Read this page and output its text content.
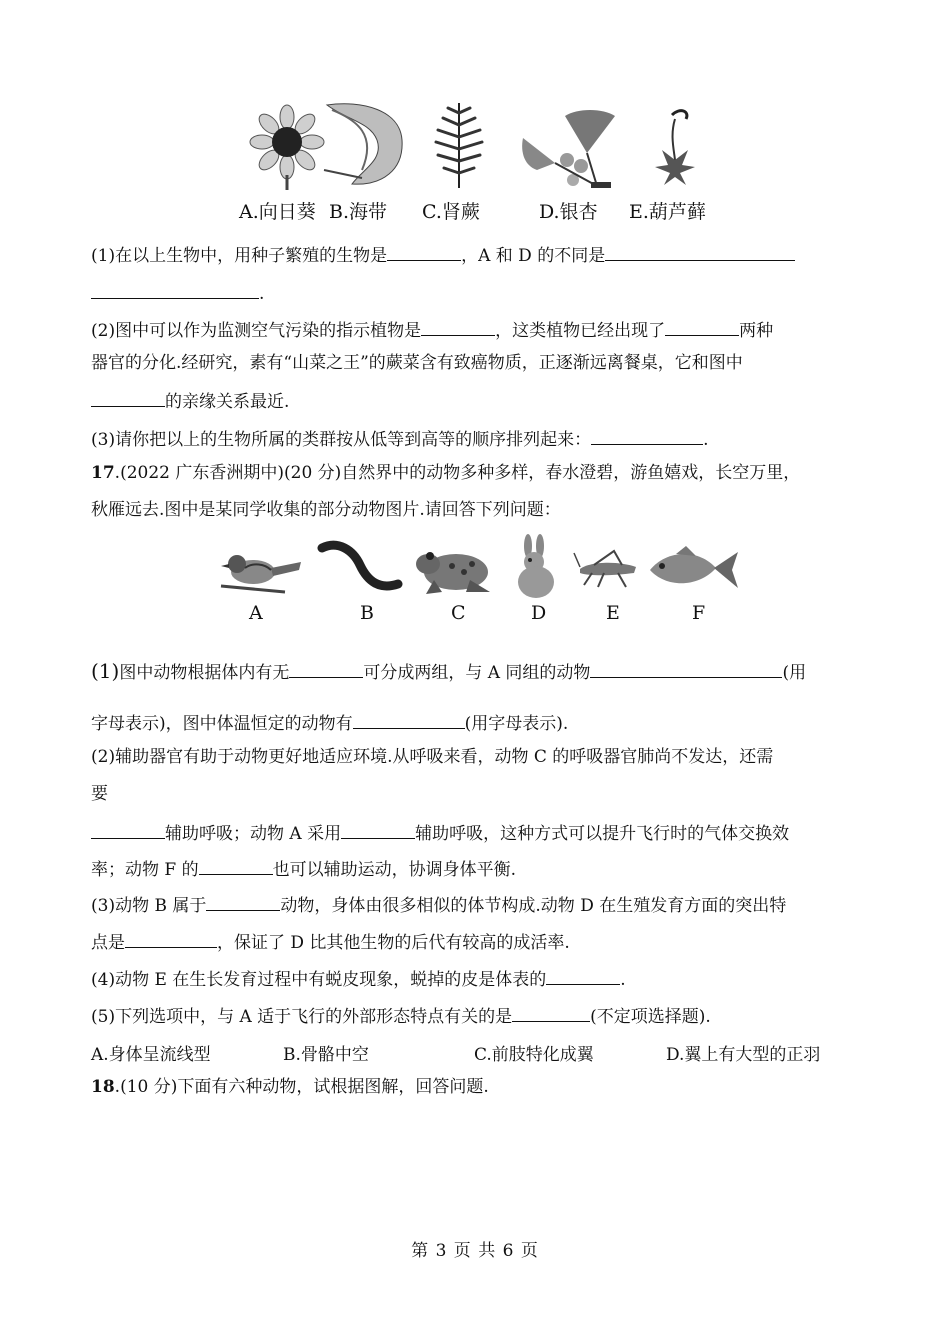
A.向日葵 B.海带 C.肾蕨	D.银杏 E.葫芦藓
(1)在以上生物中，用种子繁殖的生物是	，A 和 D 的不同是
.
(2)图中可以作为监测空气污染的指示植物是	，这类植物已经出现了	两种
器官的分化.经研究，素有“山菜之王”的蕨菜含有致癌物质，正逐渐远离餐桌，它和图中
的亲缘关系最近.
(3)请你把以上的生物所属的类群按从低等到高等的顺序排列起来：	.
17.(2022 广东香洲期中)(20 分)自然界中的动物多种多样，春水澄碧，游鱼嬉戏，长空万里，
秋雁远去.图中是某同学收集的部分动物图片.请回答下列问题：
A	B	C	D	E	F
(1)图中动物根据体内有无	可分成两组，与 A 同组的动物	(用
字母表示)，图中体温恒定的动物有	(用字母表示).
(2)辅助器官有助于动物更好地适应环境.从呼吸来看，动物 C 的呼吸器官肺尚不发达，还需
要
辅助呼吸；动物 A 采用	辅助呼吸，这种方式可以提升飞行时的气体交换效
率；动物 F 的	也可以辅助运动，协调身体平衡.
(3)动物 B 属于	动物，身体由很多相似的体节构成.动物 D 在生殖发育方面的突出特
点是	，保证了 D 比其他生物的后代有较高的成活率.
(4)动物 E 在生长发育过程中有蜕皮现象，蜕掉的皮是体表的	.
(5)下列选项中，与 A 适于飞行的外部形态特点有关的是	(不定项选择题).
A.身体呈流线型	B.骨骼中空	C.前肢特化成翼	D.翼上有大型的正羽
18.(10 分)下面有六种动物，试根据图解，回答问题.
第 3 页 共 6 页
